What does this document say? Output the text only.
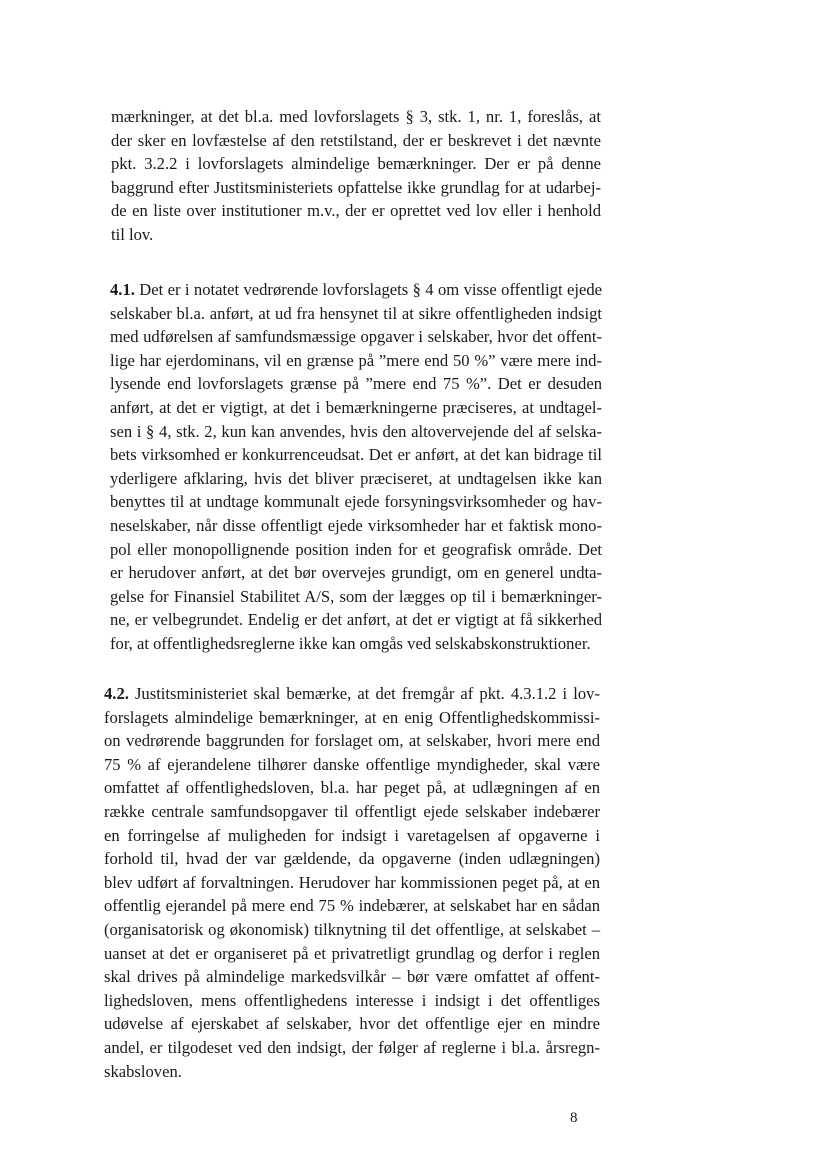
mærkninger, at det bl.a. med lovforslagets § 3, stk. 1, nr. 1, foreslås, at
der sker en lovfæstelse af den retstilstand, der er beskrevet i det nævnte
pkt. 3.2.2 i lovforslagets almindelige bemærkninger. Der er på denne
baggrund efter Justitsministeriets opfattelse ikke grundlag for at udarbej-
de en liste over institutioner m.v., der er oprettet ved lov eller i henhold
til lov.
4.1. Det er i notatet vedrørende lovforslagets § 4 om visse offentligt ejede
selskaber bl.a. anført, at ud fra hensynet til at sikre offentligheden indsigt
med udførelsen af samfundsmæssige opgaver i selskaber, hvor det offent-
lige har ejerdominans, vil en grænse på ”mere end 50 %” være mere ind-
lysende end lovforslagets grænse på ”mere end 75 %”. Det er desuden
anført, at det er vigtigt, at det i bemærkningerne præciseres, at undtagel-
sen i § 4, stk. 2, kun kan anvendes, hvis den altovervejende del af selska-
bets virksomhed er konkurrenceudsat. Det er anført, at det kan bidrage til
yderligere afklaring, hvis det bliver præciseret, at undtagelsen ikke kan
benyttes til at undtage kommunalt ejede forsyningsvirksomheder og hav-
neselskaber, når disse offentligt ejede virksomheder har et faktisk mono-
pol eller monopollignende position inden for et geografisk område. Det
er herudover anført, at det bør overvejes grundigt, om en generel undta-
gelse for Finansiel Stabilitet A/S, som der lægges op til i bemærkninger-
ne, er velbegrundet. Endelig er det anført, at det er vigtigt at få sikkerhed
for, at offentlighedsreglerne ikke kan omgås ved selskabskonstruktioner.
4.2. Justitsministeriet skal bemærke, at det fremgår af pkt. 4.3.1.2 i lov-
forslagets almindelige bemærkninger, at en enig Offentlighedskommissi-
on vedrørende baggrunden for forslaget om, at selskaber, hvori mere end
75 % af ejerandelene tilhører danske offentlige myndigheder, skal være
omfattet af offentlighedsloven, bl.a. har peget på, at udlægningen af en
række centrale samfundsopgaver til offentligt ejede selskaber indebærer
en forringelse af muligheden for indsigt i varetagelsen af opgaverne i
forhold til, hvad der var gældende, da opgaverne (inden udlægningen)
blev udført af forvaltningen. Herudover har kommissionen peget på, at en
offentlig ejerandel på mere end 75 % indebærer, at selskabet har en sådan
(organisatorisk og økonomisk) tilknytning til det offentlige, at selskabet –
uanset at det er organiseret på et privatretligt grundlag og derfor i reglen
skal drives på almindelige markedsvilkår – bør være omfattet af offent-
lighedsloven, mens offentlighedens interesse i indsigt i det offentliges
udøvelse af ejerskabet af selskaber, hvor det offentlige ejer en mindre
andel, er tilgodeset ved den indsigt, der følger af reglerne i bl.a. årsregn-
skabsloven.
8
